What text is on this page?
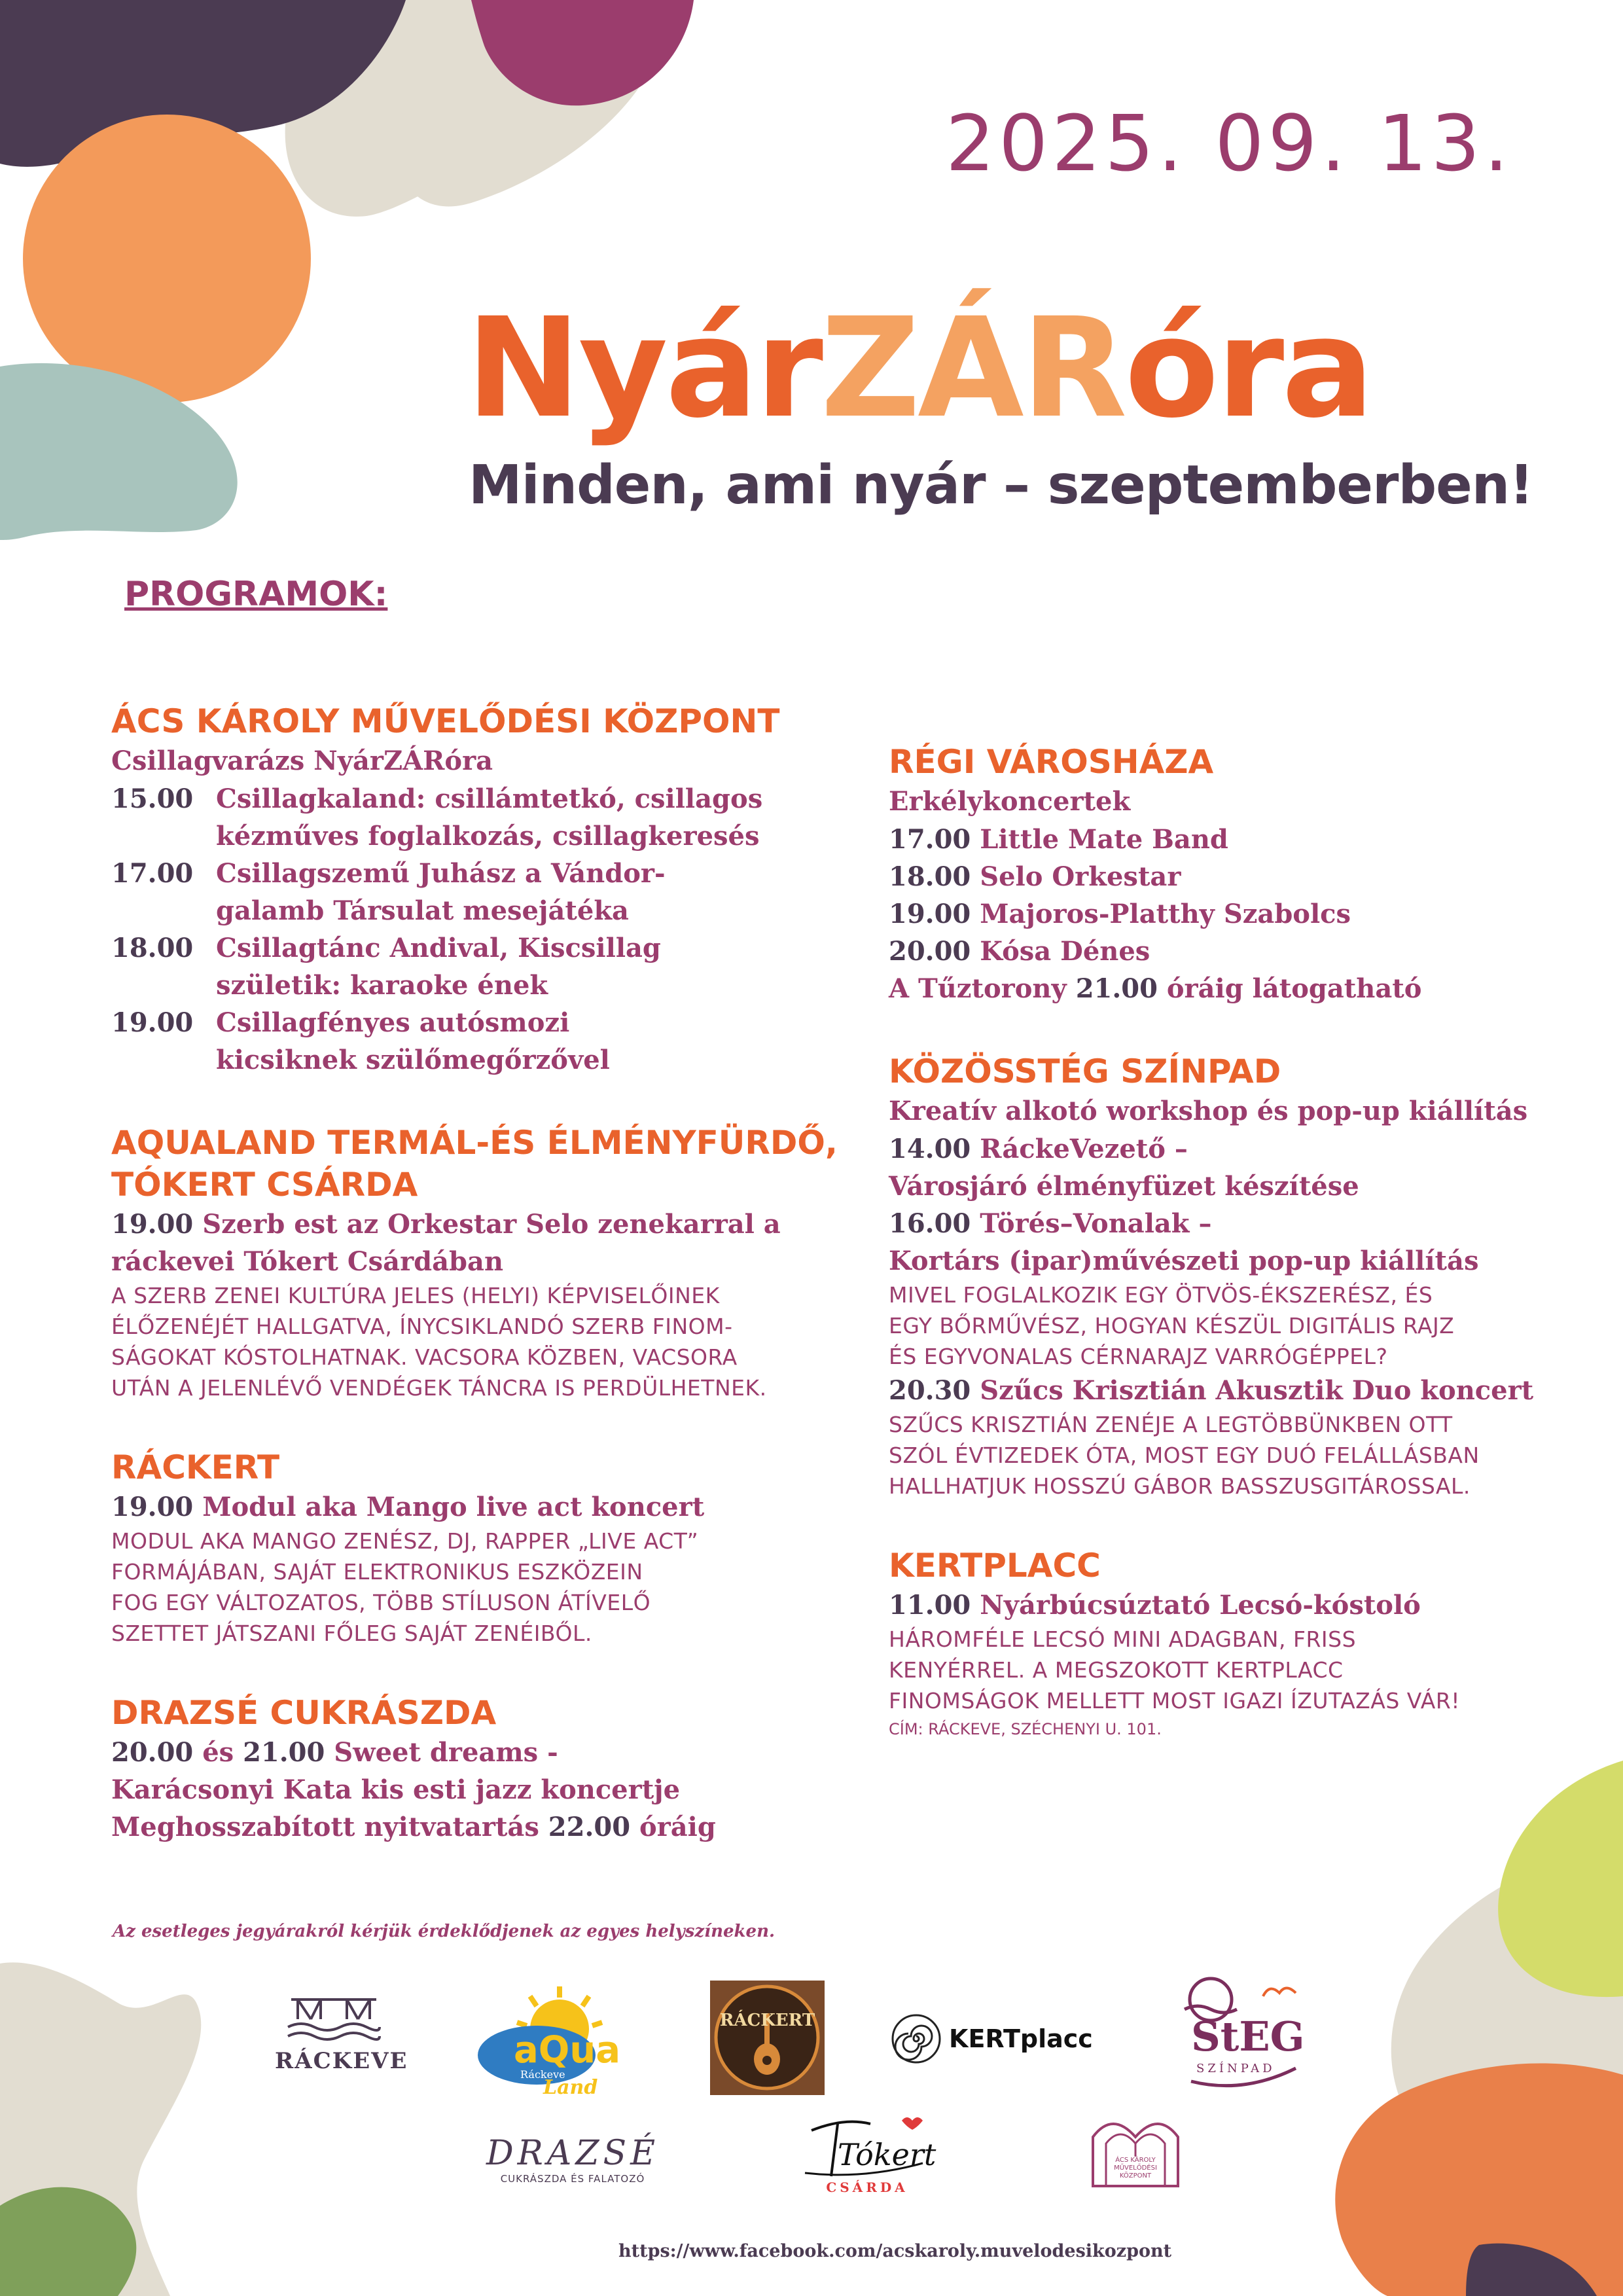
2025. 09. 13.
NyárZÁRóra
Minden, ami nyár – szeptemberben!
PROGRAMOK:
ÁCS KÁROLY MŰVELŐDÉSI KÖZPONT
Csillagvarázs NyárZÁRóra
15.00 Csillagkaland: csillámtetkó, csillagos
kézműves foglalkozás, csillagkeresés
17.00 Csillagszemű Juhász a Vándor-
galamb Társulat mesejátéka
18.00 Csillagtánc Andival, Kiscsillag
születik: karaoke ének
19.00 Csillagfényes autósmozi
kicsiknek szülőmegőrzővel
AQUALAND TERMÁL-ÉS ÉLMÉNYFÜRDŐ,
TÓKERT CSÁRDA
19.00 Szerb est az Orkestar Selo zenekarral a
ráckevei Tókert Csárdában
A SZERB ZENEI KULTÚRA JELES (HELYI) KÉPVISELŐINEK
ÉLŐZENÉJÉT HALLGATVA, ÍNYCSIKLANDÓ SZERB FINOM-
SÁGOKAT KÓSTOLHATNAK. VACSORA KÖZBEN, VACSORA
UTÁN A JELENLÉVŐ VENDÉGEK TÁNCRA IS PERDÜLHETNEK.
RÁCKERT
19.00 Modul aka Mango live act koncert
MODUL AKA MANGO ZENÉSZ, DJ, RAPPER „LIVE ACT”
FORMÁJÁBAN, SAJÁT ELEKTRONIKUS ESZKÖZEIN
FOG EGY VÁLTOZATOS, TÖBB STÍLUSON ÁTÍVELŐ
SZETTET JÁTSZANI FŐLEG SAJÁT ZENÉIBŐL.
DRAZSÉ CUKRÁSZDA
20.00 és 21.00 Sweet dreams -
Karácsonyi Kata kis esti jazz koncertje
Meghosszabított nyitvatartás 22.00 óráig
RÉGI VÁROSHÁZA
Erkélykoncertek
17.00 Little Mate Band
18.00 Selo Orkestar
19.00 Majoros-Platthy Szabolcs
20.00 Kósa Dénes
A Tűztorony 21.00 óráig látogatható
KÖZÖSSTÉG SZÍNPAD
Kreatív alkotó workshop és pop-up kiállítás
14.00 RáckeVezető –
Városjáró élményfüzet készítése
16.00 Törés–Vonalak –
Kortárs (ipar)művészeti pop-up kiállítás
MIVEL FOGLALKOZIK EGY ÖTVÖS-ÉKSZERÉSZ, ÉS
EGY BŐRMŰVÉSZ, HOGYAN KÉSZÜL DIGITÁLIS RAJZ
ÉS EGYVONALAS CÉRNARAJZ VARRÓGÉPPEL?
20.30 Szűcs Krisztián Akusztik Duo koncert
SZŰCS KRISZTIÁN ZENÉJE A LEGTÖBBÜNKBEN OTT
SZÓL ÉVTIZEDEK ÓTA, MOST EGY DUÓ FELÁLLÁSBAN
HALLHATJUK HOSSZÚ GÁBOR BASSZUSGITÁROSSAL.
KERTPLACC
11.00 Nyárbúcsúztató Lecsó-kóstoló
HÁROMFÉLE LECSÓ MINI ADAGBAN, FRISS
KENYÉRREL. A MEGSZOKOTT KERTPLACC
FINOMSÁGOK MELLETT MOST IGAZI ÍZUTAZÁS VÁR!
CÍM: RÁCKEVE, SZÉCHENYI U. 101.
Az esetleges jegyárakról kérjük érdeklődjenek az egyes helyszíneken.
RÁCKEVE	aQua
Ráckeve
Land
RÁCKERT
KERTplacc StEG
SZÍNPAD
DRAZSÉ
CUKRÁSZDA ÉS FALATOZÓ
Tókert
CSÁRDA
ÁCS KÁROLY
MŰVELŐDÉSI
KÖZPONT
https://www.facebook.com/acskaroly.muvelodesikozpont
